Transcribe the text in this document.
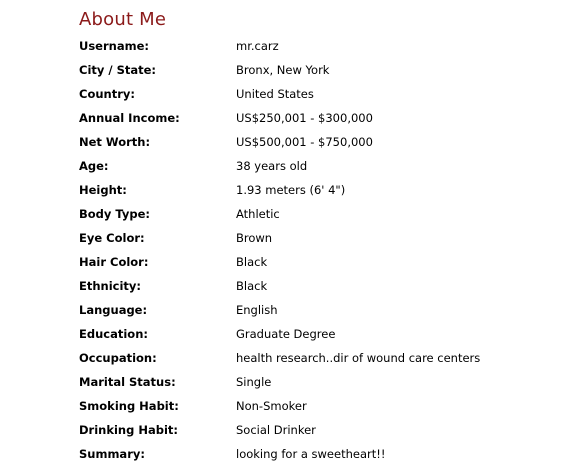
About Me
Username:	mr.carz
City / State:	Bronx, New York
Country:	United States
Annual Income:	US$250,001 - $300,000
Net Worth:	US$500,001 - $750,000
Age:	38 years old
Height:	1.93 meters (6' 4")
Body Type:	Athletic
Eye Color:	Brown
Hair Color:	Black
Ethnicity:	Black
Language:	English
Education:	Graduate Degree
Occupation:	health research..dir of wound care centers
Marital Status:	Single
Smoking Habit:	Non-Smoker
Drinking Habit:	Social Drinker
Summary:	looking for a sweetheart!!
